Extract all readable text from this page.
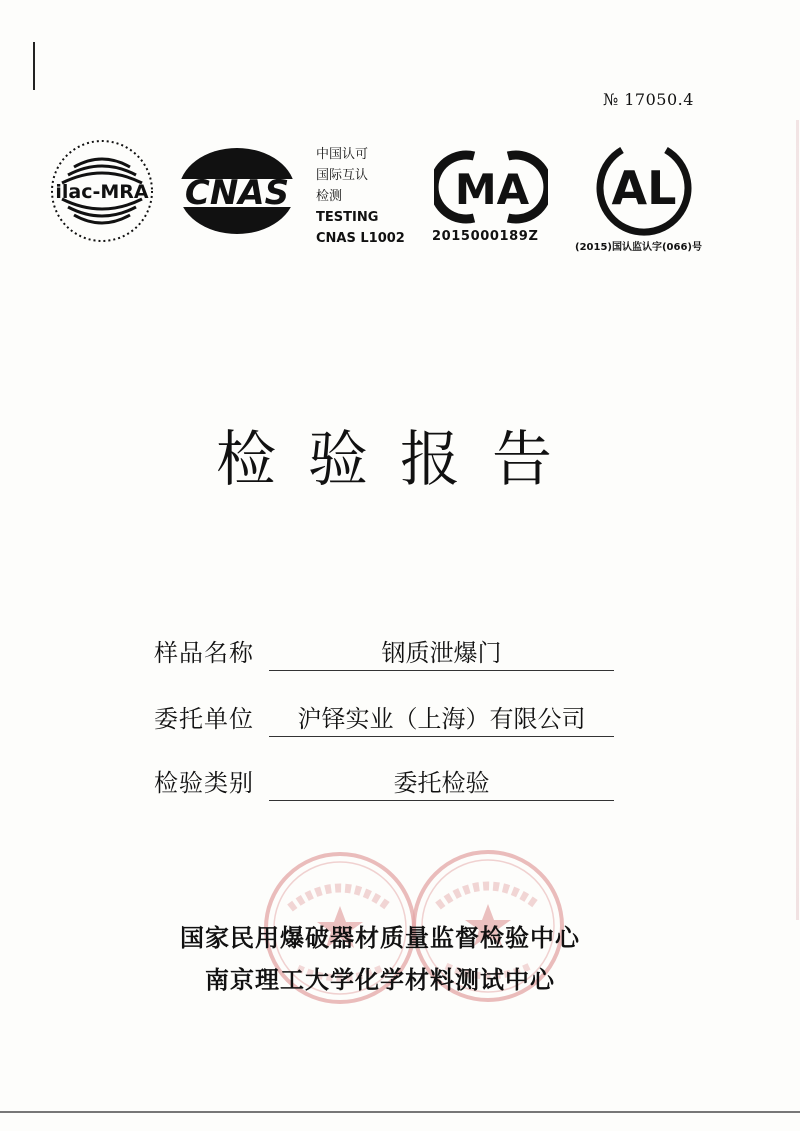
№ 17050.4
ilac-MRA CNAS
中国认可
国际互认
检测
TESTING
CNAS L1002
MA
2015000189Z
AL
(2015)国认监认字(066)号
检验报告
样品名称	钢质泄爆门
委托单位	沪铎实业（上海）有限公司
检验类别	委托检验
国家民用爆破器材质量监督检验中心
南京理工大学化学材料测试中心
